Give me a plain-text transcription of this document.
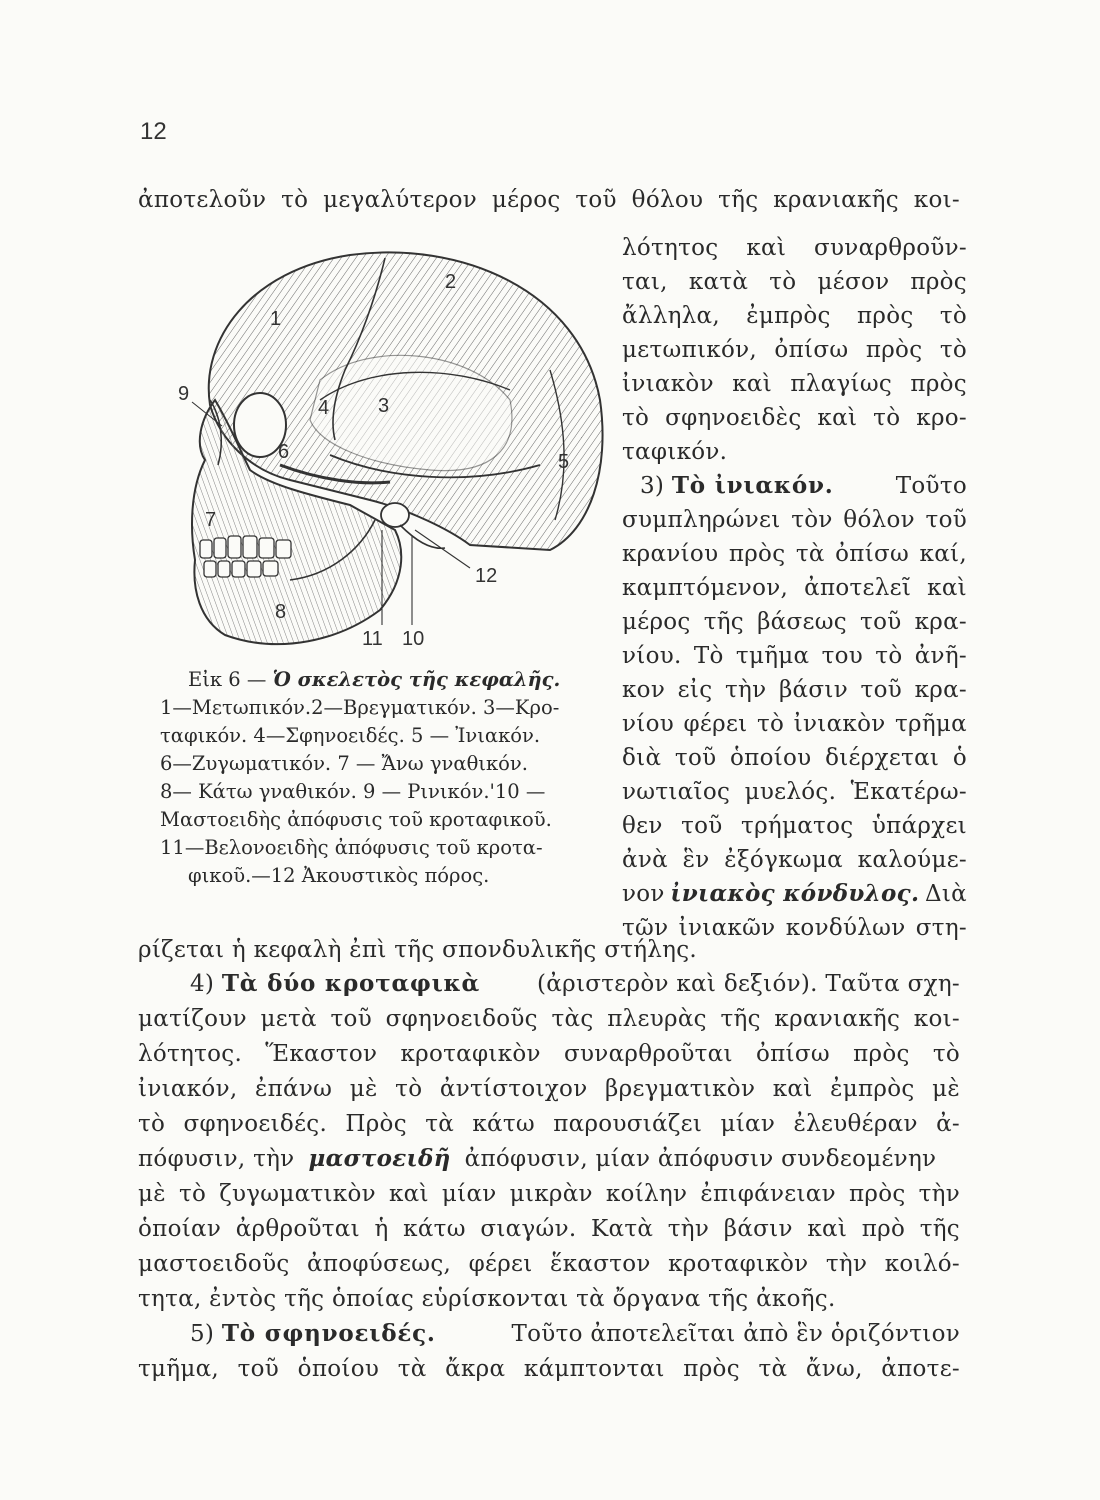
12
ἀποτελοῦν τὸ μεγαλύτερον μέρος τοῦ θόλου τῆς κρανιακῆς κοι-
λότητος καὶ συναρθροῦν-
ται, κατὰ τὸ μέσον πρὸς
ἄλληλα, ἐμπρὸς πρὸς τὸ
μετωπικόν, ὀπίσω πρὸς τὸ
ἰνιακὸν καὶ πλαγίως πρὸς
τὸ σφηνοειδὲς καὶ τὸ κρο-
ταφικόν.
3) Τὸ ἰνιακόν.	Τοῦτο
συμπληρώνει τὸν θόλον τοῦ
κρανίου πρὸς τὰ ὀπίσω καί,
καμπτόμενον, ἀποτελεῖ καὶ
μέρος τῆς βάσεως τοῦ κρα-
νίου. Τὸ τμῆμα του τὸ ἀνῆ-
κον εἰς τὴν βάσιν τοῦ κρα-
νίου φέρει τὸ ἰνιακὸν τρῆμα
διὰ τοῦ ὁποίου διέρχεται ὁ
νωτιαῖος μυελός. Ἑκατέρω-
θεν τοῦ τρήματος ὑπάρχει
ἀνὰ ἓν ἐξόγκωμα καλούμε-
νον ἰνιακὸς κόνδυλος. Διὰ
τῶν ἰνιακῶν κονδύλων στη-
1
2
3
4
5
6
7
8
9
10
11
12
Εἰκ 6 — Ὁ σκελετὸς τῆς κεφαλῆς.
1—Μετωπικόν.2—Βρεγματικόν. 3—Κρο-
ταφικόν. 4—Σφηνοειδές. 5 — Ἰνιακόν.
6—Ζυγωματικόν. 7 — Ἄνω γναθικόν.
8— Κάτω γναθικόν. 9 — Ρινικόν.'10 —
Μαστοειδὴς ἀπόφυσις τοῦ κροταφικοῦ.
11—Βελονοειδὴς ἀπόφυσις τοῦ κροτα-
φικοῦ.—12 Ἀκουστικὸς πόρος.
ρίζεται ἡ κεφαλὴ ἐπὶ τῆς σπονδυλικῆς στήλης.
4) Τὰ δύο κροταφικὰ (ἀριστερὸν καὶ δεξιόν). Ταῦτα σχη-
ματίζουν μετὰ τοῦ σφηνοειδοῦς τὰς πλευρὰς τῆς κρανιακῆς κοι-
λότητος. Ἕκαστον κροταφικὸν συναρθροῦται ὀπίσω πρὸς τὸ
ἰνιακόν, ἐπάνω μὲ τὸ ἀντίστοιχον βρεγματικὸν καὶ ἐμπρὸς μὲ
τὸ σφηνοειδές. Πρὸς τὰ κάτω παρουσιάζει μίαν ἐλευθέραν ἀ-
πόφυσιν, τὴν μαστοειδῆ ἀπόφυσιν, μίαν ἀπόφυσιν συνδεομένην
μὲ τὸ ζυγωματικὸν καὶ μίαν μικρὰν κοίλην ἐπιφάνειαν πρὸς τὴν
ὁποίαν ἀρθροῦται ἡ κάτω σιαγών. Κατὰ τὴν βάσιν καὶ πρὸ τῆς
μαστοειδοῦς ἀποφύσεως, φέρει ἕκαστον κροταφικὸν τὴν κοιλό-
τητα, ἐντὸς τῆς ὁποίας εὑρίσκονται τὰ ὄργανα τῆς ἀκοῆς.
5) Τὸ σφηνοειδές.	Τοῦτο ἀποτελεῖται ἀπὸ ἓν ὁριζόντιον
τμῆμα, τοῦ ὁποίου τὰ ἄκρα κάμπτονται πρὸς τὰ ἄνω, ἀποτε-
